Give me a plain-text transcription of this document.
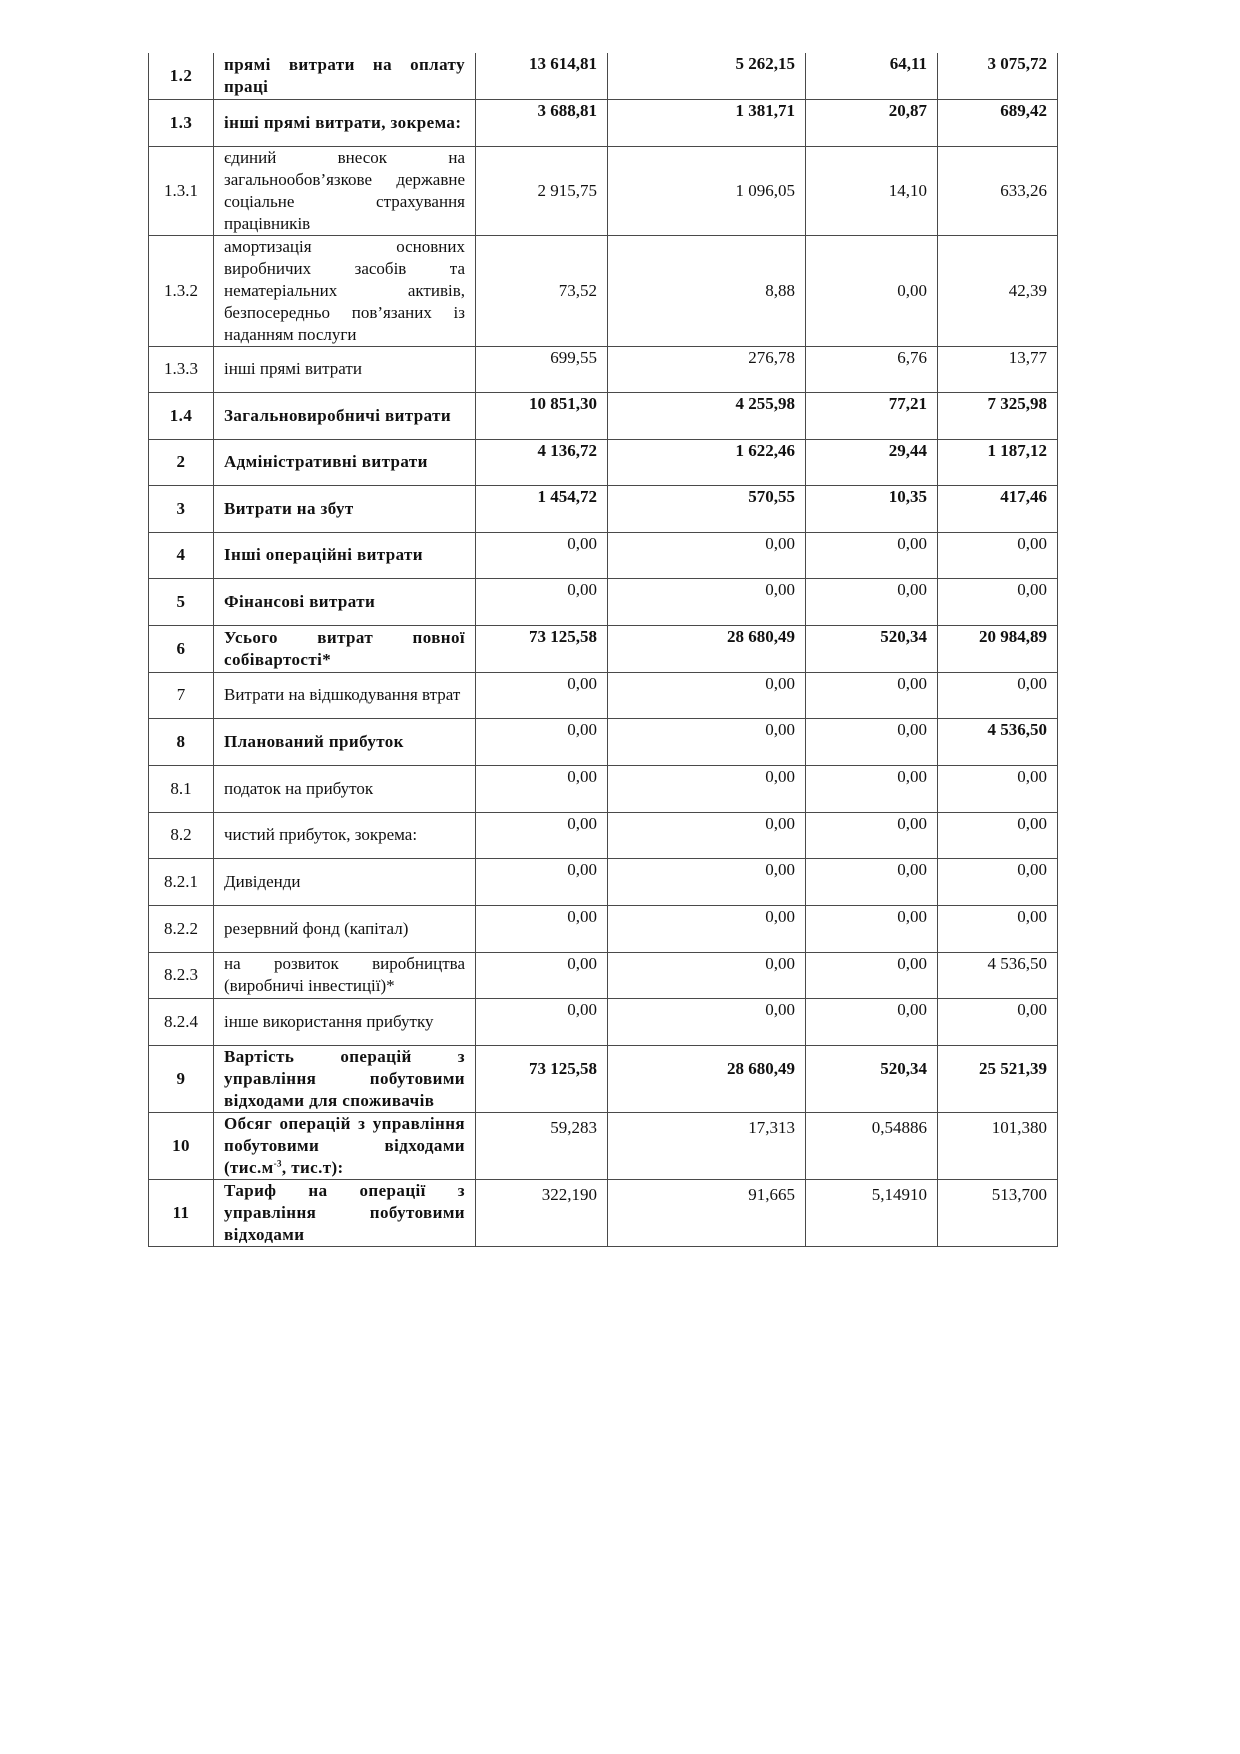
1.2	прямі витрати на оплату праці	13 614,81	5 262,15	64,11	3 075,72
1.3	інші прямі витрати, зокрема:	3 688,81	1 381,71	20,87	689,42
1.3.1	єдиний внесок на загальнообов’язкове державне соціальне страхування працівників	2 915,75	1 096,05	14,10	633,26
1.3.2	амортизація основних виробничих засобів та нематеріальних активів, безпосередньо пов’язаних із наданням послуги	73,52	8,88	0,00	42,39
1.3.3	інші прямі витрати	699,55	276,78	6,76	13,77
1.4	Загальновиробничі витрати	10 851,30	4 255,98	77,21	7 325,98
2	Адміністративні витрати	4 136,72	1 622,46	29,44	1 187,12
3	Витрати на збут	1 454,72	570,55	10,35	417,46
4	Інші операційні витрати	0,00	0,00	0,00	0,00
5	Фінансові витрати	0,00	0,00	0,00	0,00
6	Усього витрат повної собівартості*	73 125,58	28 680,49	520,34	20 984,89
7	Витрати на відшкодування втрат	0,00	0,00	0,00	0,00
8	Планований прибуток	0,00	0,00	0,00	4 536,50
8.1	податок на прибуток	0,00	0,00	0,00	0,00
8.2	чистий прибуток, зокрема:	0,00	0,00	0,00	0,00
8.2.1	Дивіденди	0,00	0,00	0,00	0,00
8.2.2	резервний фонд (капітал)	0,00	0,00	0,00	0,00
8.2.3	на розвиток виробництва (виробничі інвестиції)*	0,00	0,00	0,00	4 536,50
8.2.4	інше використання прибутку	0,00	0,00	0,00	0,00
9	Вартість операцій з управління побутовими відходами для споживачів	73 125,58	28 680,49	520,34	25 521,39
10	Обсяг операцій з управління побутовими відходами ($тис.м^{-3}$, тис.т):	59,283	17,313	0,54886	101,380
11	Тариф на операції з управління побутовими відходами	322,190	91,665	5,14910	513,700
